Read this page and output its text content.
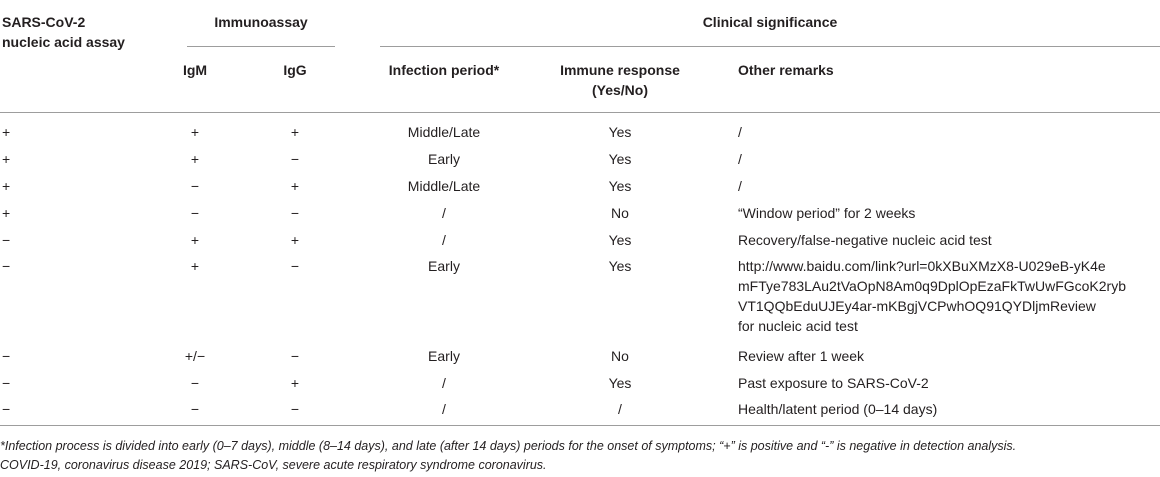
SARS-CoV-2
nucleic acid assay
Immunoassay	Clinical significance
IgM	IgG	Infection period*	Immune response
(Yes/No)
Other remarks
+	+	+	Middle/Late	Yes	/
+	+	−	Early	Yes	/
+	−	+	Middle/Late	Yes	/
+	−	−	/	No	“Window period” for 2 weeks
−	+	+	/	Yes	Recovery/false-negative nucleic acid test
−	+	−	Early	Yes	http://www.baidu.com/link?url=0kXBuXMzX8-U029eB-yK4e
mFTye783LAu2tVaOpN8Am0q9DplOpEzaFkTwUwFGcoK2ryb
VT1QQbEduUJEy4ar-mKBgjVCPwhOQ91QYDljmReview
for nucleic acid test
−	+/−	−	Early	No	Review after 1 week
−	−	+	/	Yes	Past exposure to SARS-CoV-2
−	−	−	/	/	Health/latent period (0–14 days)
*Infection process is divided into early (0–7 days), middle (8–14 days), and late (after 14 days) periods for the onset of symptoms; “+” is positive and “-” is negative in detection analysis.
COVID-19, coronavirus disease 2019; SARS-CoV, severe acute respiratory syndrome coronavirus.
